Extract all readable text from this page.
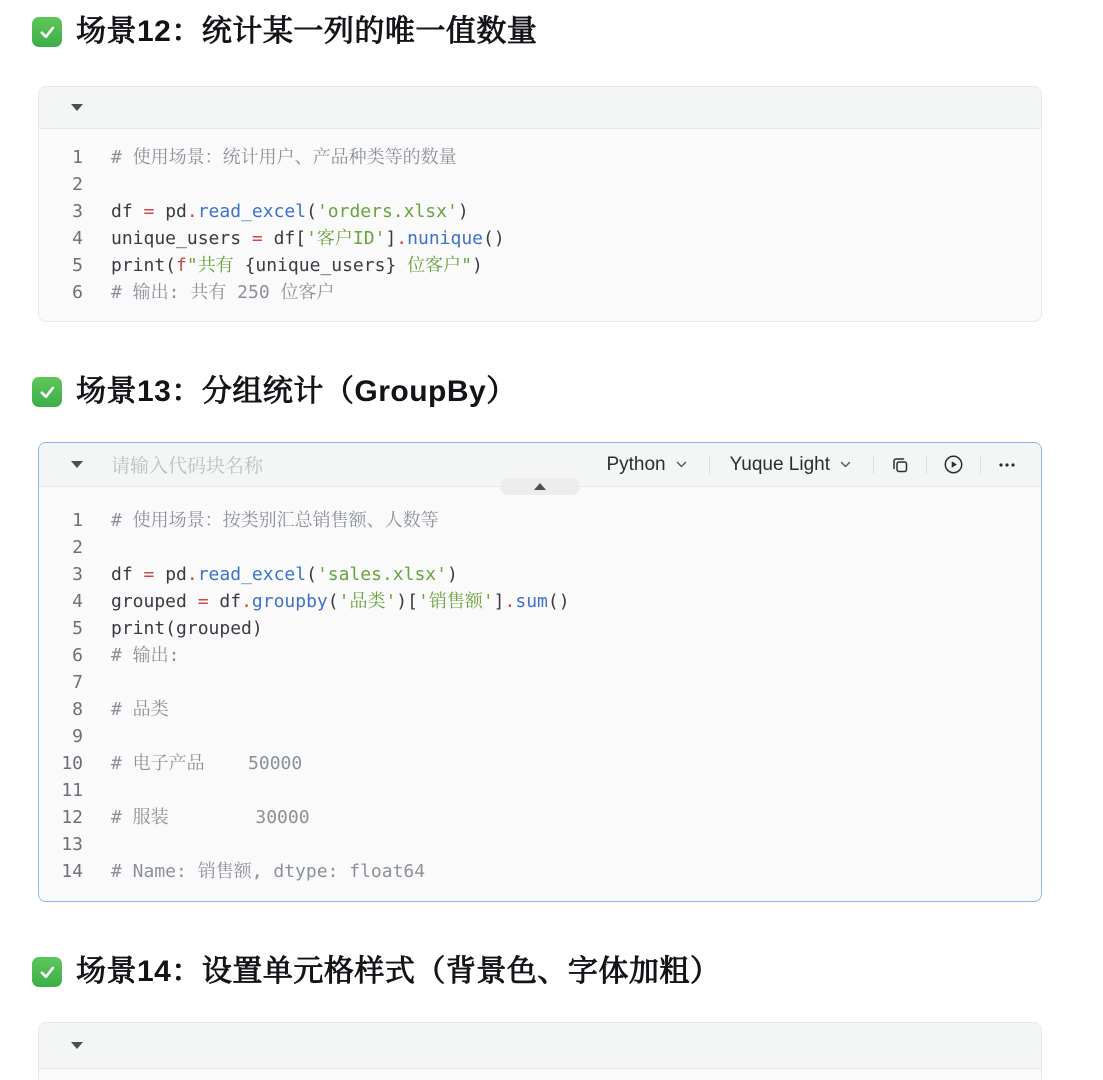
场景12：统计某一列的唯一值数量
1	# 使用场景：统计用户、产品种类等的数量
2
3	df = pd.read_excel('orders.xlsx')
4	unique_users = df['客户ID'].nunique()
5	print(f"共有 {unique_users} 位客户")
6	# 输出: 共有 250 位客户
场景13：分组统计（GroupBy）
请输入代码块名称	Python	Yuque Light
1	# 使用场景：按类别汇总销售额、人数等
2
3	df = pd.read_excel('sales.xlsx')
4	grouped = df.groupby('品类')['销售额'].sum()
5	print(grouped)
6	# 输出:
7
8	# 品类
9
10	# 电子产品    50000
11
12	# 服装        30000
13
14	# Name: 销售额, dtype: float64
场景14：设置单元格样式（背景色、字体加粗）
